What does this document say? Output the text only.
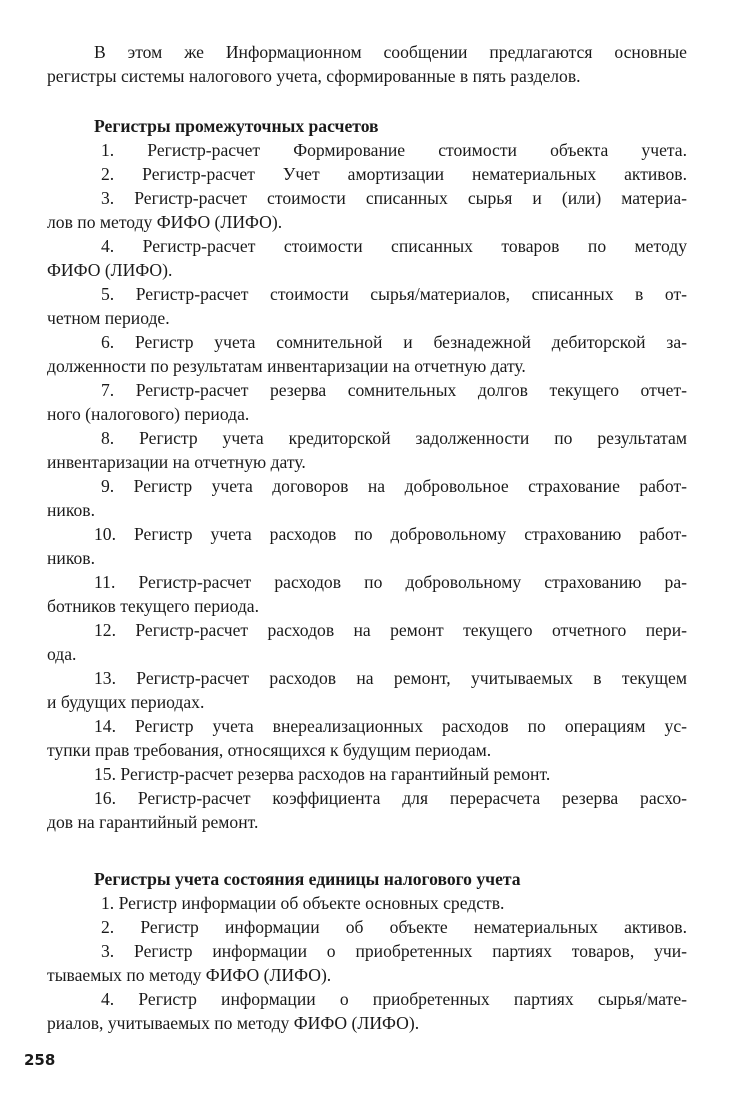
В этом же Информационном сообщении предлагаются основные
регистры системы налогового учета, сформированные в пять разделов.
Регистры промежуточных расчетов
1. Регистр-расчет Формирование стоимости объекта учета.
2. Регистр-расчет Учет амортизации нематериальных активов.
3. Регистр-расчет стоимости списанных сырья и (или) материа-
лов по методу ФИФО (ЛИФО).
4. Регистр-расчет стоимости списанных товаров по методу
ФИФО (ЛИФО).
5. Регистр-расчет стоимости сырья/материалов, списанных в от-
четном периоде.
6. Регистр учета сомнительной и безнадежной дебиторской за-
долженности по результатам инвентаризации на отчетную дату.
7. Регистр-расчет резерва сомнительных долгов текущего отчет-
ного (налогового) периода.
8. Регистр учета кредиторской задолженности по результатам
инвентаризации на отчетную дату.
9. Регистр учета договоров на добровольное страхование работ-
ников.
10. Регистр учета расходов по добровольному страхованию работ-
ников.
11. Регистр-расчет расходов по добровольному страхованию ра-
ботников текущего периода.
12. Регистр-расчет расходов на ремонт текущего отчетного пери-
ода.
13. Регистр-расчет расходов на ремонт, учитываемых в текущем
и будущих периодах.
14. Регистр учета внереализационных расходов по операциям ус-
тупки прав требования, относящихся к будущим периодам.
15. Регистр-расчет резерва расходов на гарантийный ремонт.
16. Регистр-расчет коэффициента для перерасчета резерва расхо-
дов на гарантийный ремонт.
Регистры учета состояния единицы налогового учета
1. Регистр информации об объекте основных средств.
2. Регистр информации об объекте нематериальных активов.
3. Регистр информации о приобретенных партиях товаров, учи-
тываемых по методу ФИФО (ЛИФО).
4. Регистр информации о приобретенных партиях сырья/мате-
риалов, учитываемых по методу ФИФО (ЛИФО).
258
